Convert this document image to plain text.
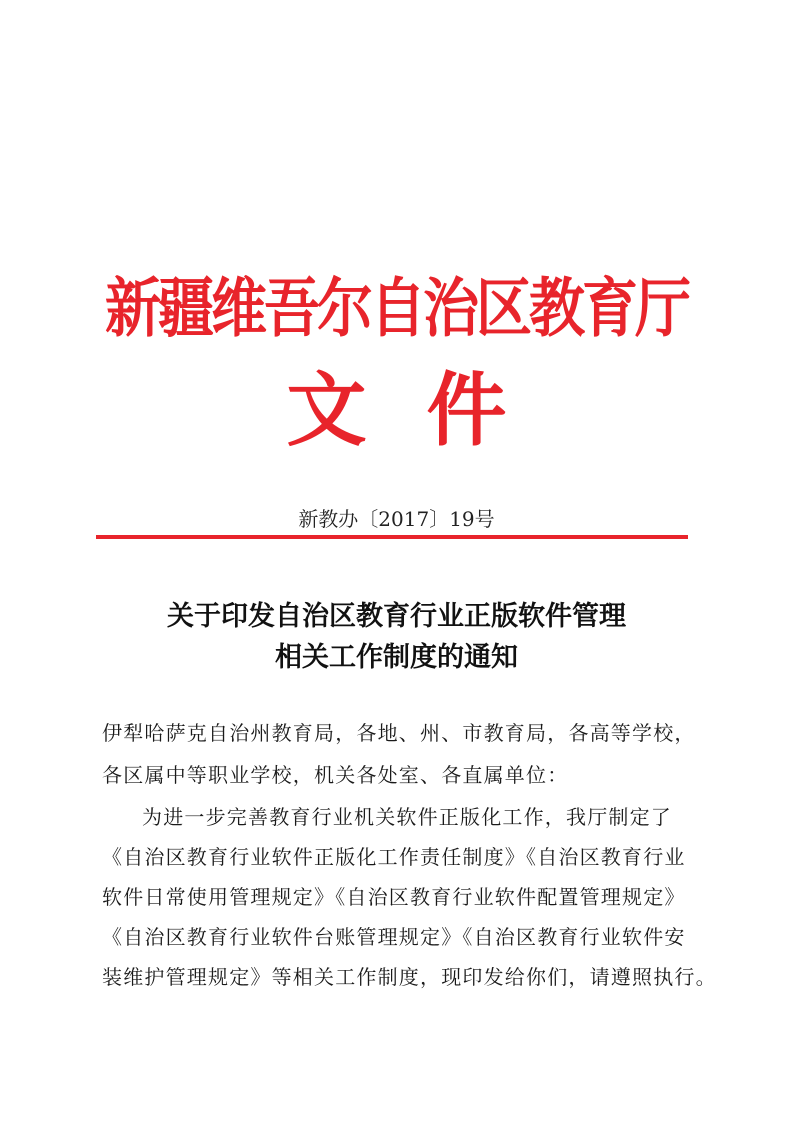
新疆维吾尔自治区教育厅
文件
新教办〔2017〕19号
关于印发自治区教育行业正版软件管理
相关工作制度的通知
伊犁哈萨克自治州教育局，各地、州、市教育局，各高等学校，
各区属中等职业学校，机关各处室、各直属单位：
为进一步完善教育行业机关软件正版化工作，我厅制定了
《自治区教育行业软件正版化工作责任制度》《自治区教育行业
软件日常使用管理规定》《自治区教育行业软件配置管理规定》
《自治区教育行业软件台账管理规定》《自治区教育行业软件安
装维护管理规定》等相关工作制度，现印发给你们，请遵照执行。
